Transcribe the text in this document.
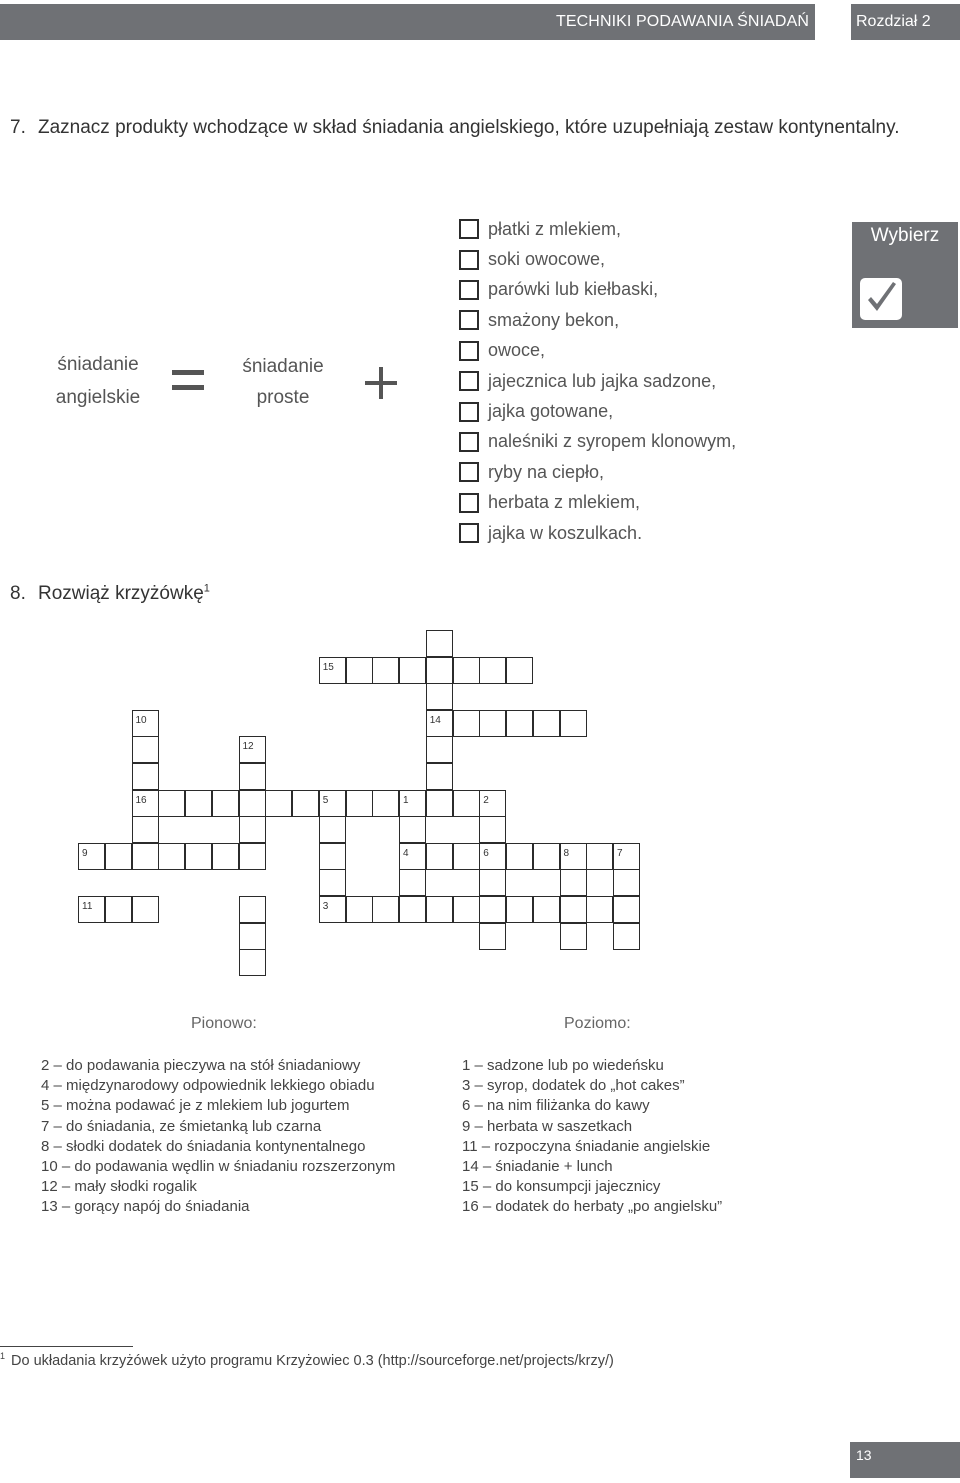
TECHNIKI PODAWANIA ŚNIADAŃ	Rozdział 2
7. Zaznacz produkty wchodzące w skład śniadania angielskiego, które uzupełniają zestaw kontynentalny.
śniadanie
angielskie
śniadanie
proste
płatki z mlekiem,
soki owocowe,
parówki lub kiełbaski,
smażony bekon,
owoce,
jajecznica lub jajka sadzone,
jajka gotowane,
naleśniki z syropem klonowym,
ryby na ciepło,
herbata z mlekiem,
jajka w koszulkach.
Wybierz
8. Rozwiąż krzyżówkę$^1$
15
10	14
12
16	5	1	2
9	4	6	8	7
11	3
Pionowo:	Poziomo:
2 – do podawania pieczywa na stół śniadaniowy
4 – międzynarodowy odpowiednik lekkiego obiadu
5 – można podawać je z mlekiem lub jogurtem
7 – do śniadania, ze śmietanką lub czarna
8 – słodki dodatek do śniadania kontynentalnego
10 – do podawania wędlin w śniadaniu rozszerzonym
12 – mały słodki rogalik
13 – gorący napój do śniadania
1 – sadzone lub po wiedeńsku
3 – syrop, dodatek do „hot cakes”
6 – na nim filiżanka do kawy
9 – herbata w saszetkach
11 – rozpoczyna śniadanie angielskie
14 – śniadanie + lunch
15 – do konsumpcji jajecznicy
16 – dodatek do herbaty „po angielsku”
$^1$ Do układania krzyżówek użyto programu Krzyżowiec 0.3 (http://sourceforge.net/projects/krzy/)
13
